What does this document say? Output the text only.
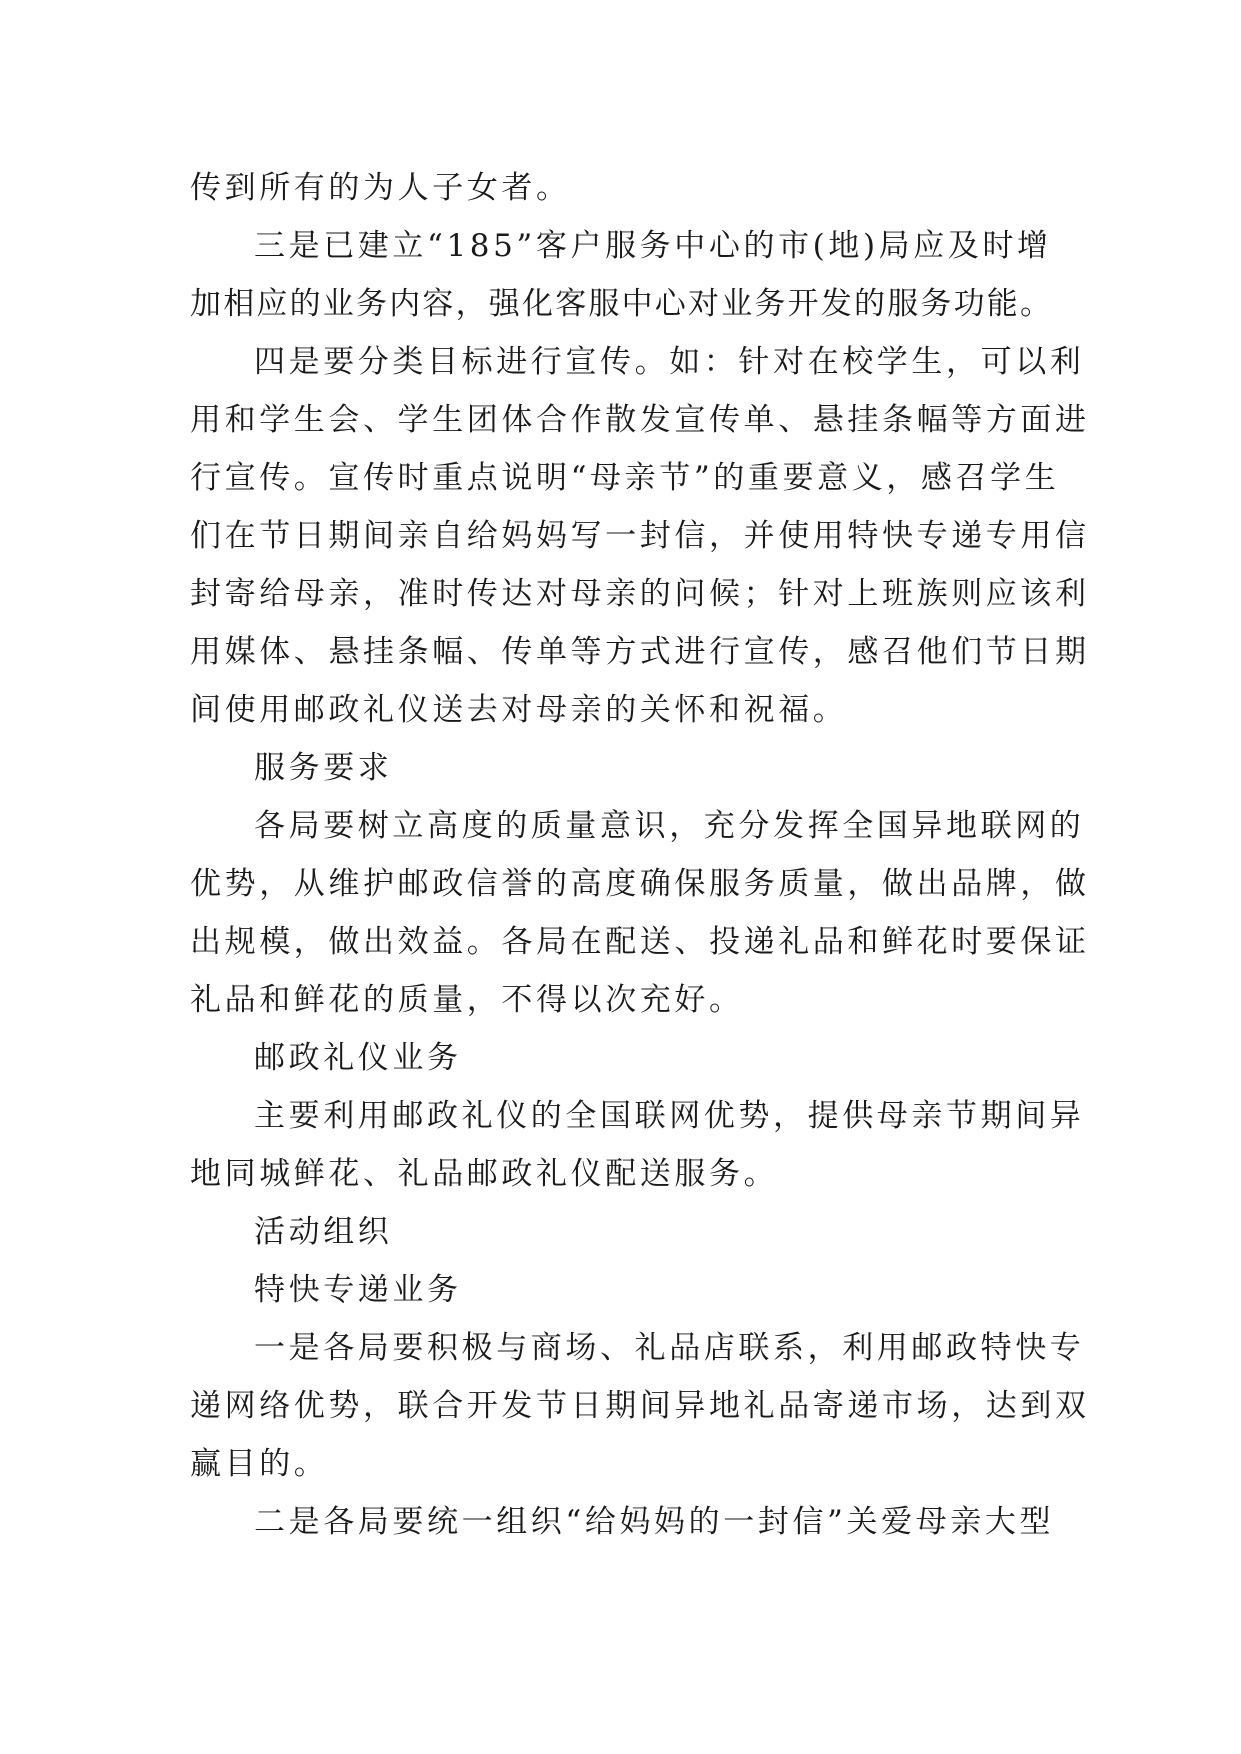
传到所有的为人子女者。

三是已建立“185”客户服务中心的市(地)局应及时增

加相应的业务内容，强化客服中心对业务开发的服务功能。

四是要分类目标进行宣传。如：针对在校学生，可以利

用和学生会、学生团体合作散发宣传单、悬挂条幅等方面进

行宣传。宣传时重点说明“母亲节”的重要意义，感召学生

们在节日期间亲自给妈妈写一封信，并使用特快专递专用信

封寄给母亲，准时传达对母亲的问候；针对上班族则应该利

用媒体、悬挂条幅、传单等方式进行宣传，感召他们节日期

间使用邮政礼仪送去对母亲的关怀和祝福。

服务要求

各局要树立高度的质量意识，充分发挥全国异地联网的

优势，从维护邮政信誉的高度确保服务质量，做出品牌，做

出规模，做出效益。各局在配送、投递礼品和鲜花时要保证

礼品和鲜花的质量，不得以次充好。

邮政礼仪业务

主要利用邮政礼仪的全国联网优势，提供母亲节期间异

地同城鲜花、礼品邮政礼仪配送服务。

活动组织

特快专递业务

一是各局要积极与商场、礼品店联系，利用邮政特快专

递网络优势，联合开发节日期间异地礼品寄递市场，达到双

赢目的。

二是各局要统一组织“给妈妈的一封信”关爱母亲大型
